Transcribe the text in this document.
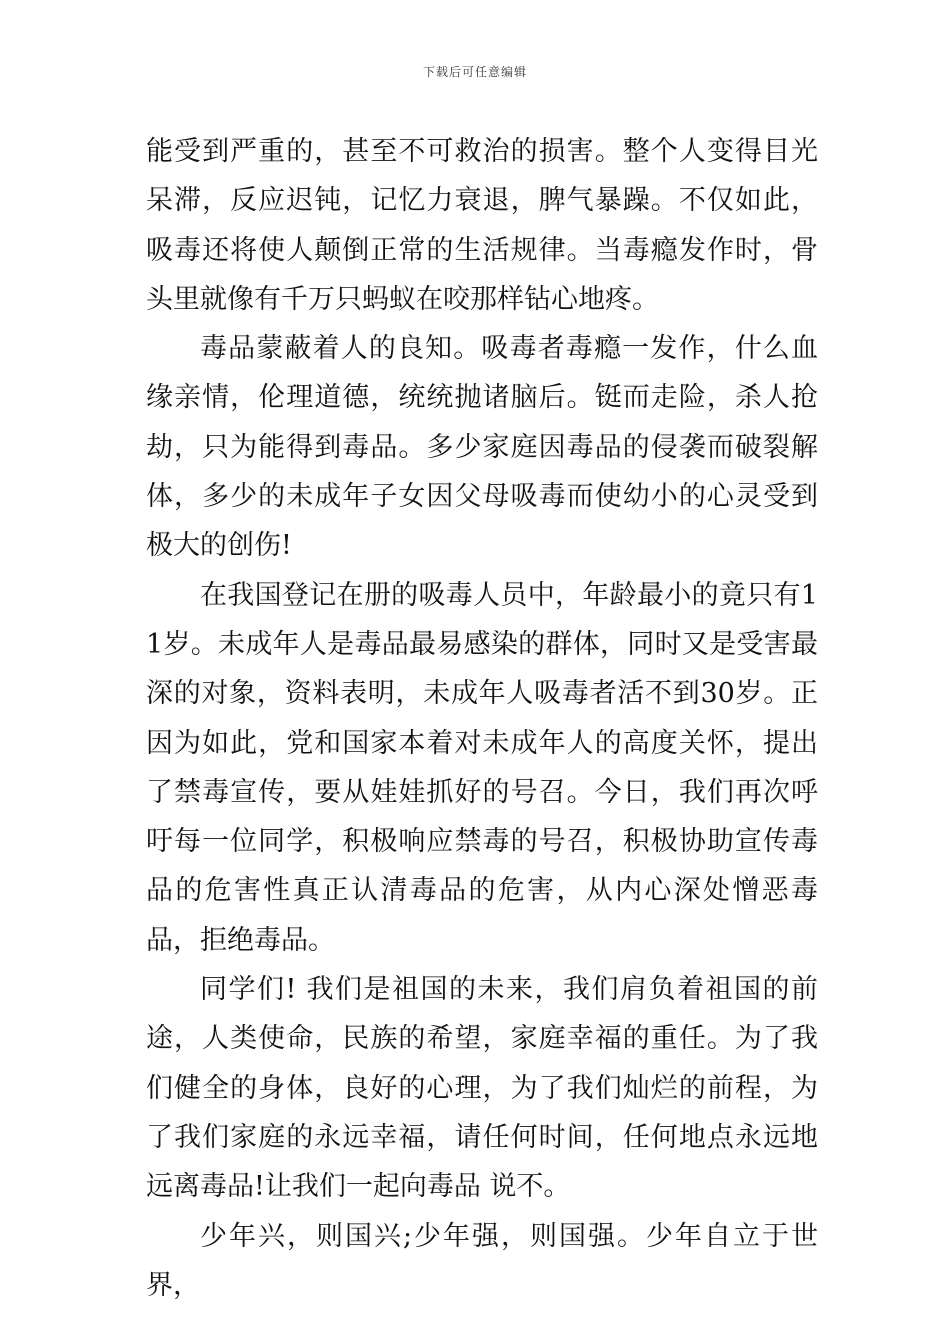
下载后可任意编辑

能受到严重的，甚至不可救治的损害。整个人变得目光呆滞，反应迟钝，记忆力衰退，脾气暴躁。不仅如此，吸毒还将使人颠倒正常的生活规律。当毒瘾发作时，骨头里就像有千万只蚂蚁在咬那样钻心地疼。

毒品蒙蔽着人的良知。吸毒者毒瘾一发作，什么血缘亲情，伦理道德，统统抛诸脑后。铤而走险，杀人抢劫，只为能得到毒品。多少家庭因毒品的侵袭而破裂解体，多少的未成年子女因父母吸毒而使幼小的心灵受到极大的创伤!

在我国登记在册的吸毒人员中，年龄最小的竟只有11岁。未成年人是毒品最易感染的群体，同时又是受害最深的对象，资料表明，未成年人吸毒者活不到30岁。正因为如此，党和国家本着对未成年人的高度关怀，提出了禁毒宣传，要从娃娃抓好的号召。今日，我们再次呼吁每一位同学，积极响应禁毒的号召，积极协助宣传毒品的危害性真正认清毒品的危害，从内心深处憎恶毒品，拒绝毒品。

同学们! 我们是祖国的未来，我们肩负着祖国的前途，人类使命，民族的希望，家庭幸福的重任。为了我们健全的身体，良好的心理，为了我们灿烂的前程，为了我们家庭的永远幸福，请任何时间，任何地点永远地远离毒品!让我们一起向毒品 说不。

少年兴，则国兴;少年强，则国强。少年自立于世界，
